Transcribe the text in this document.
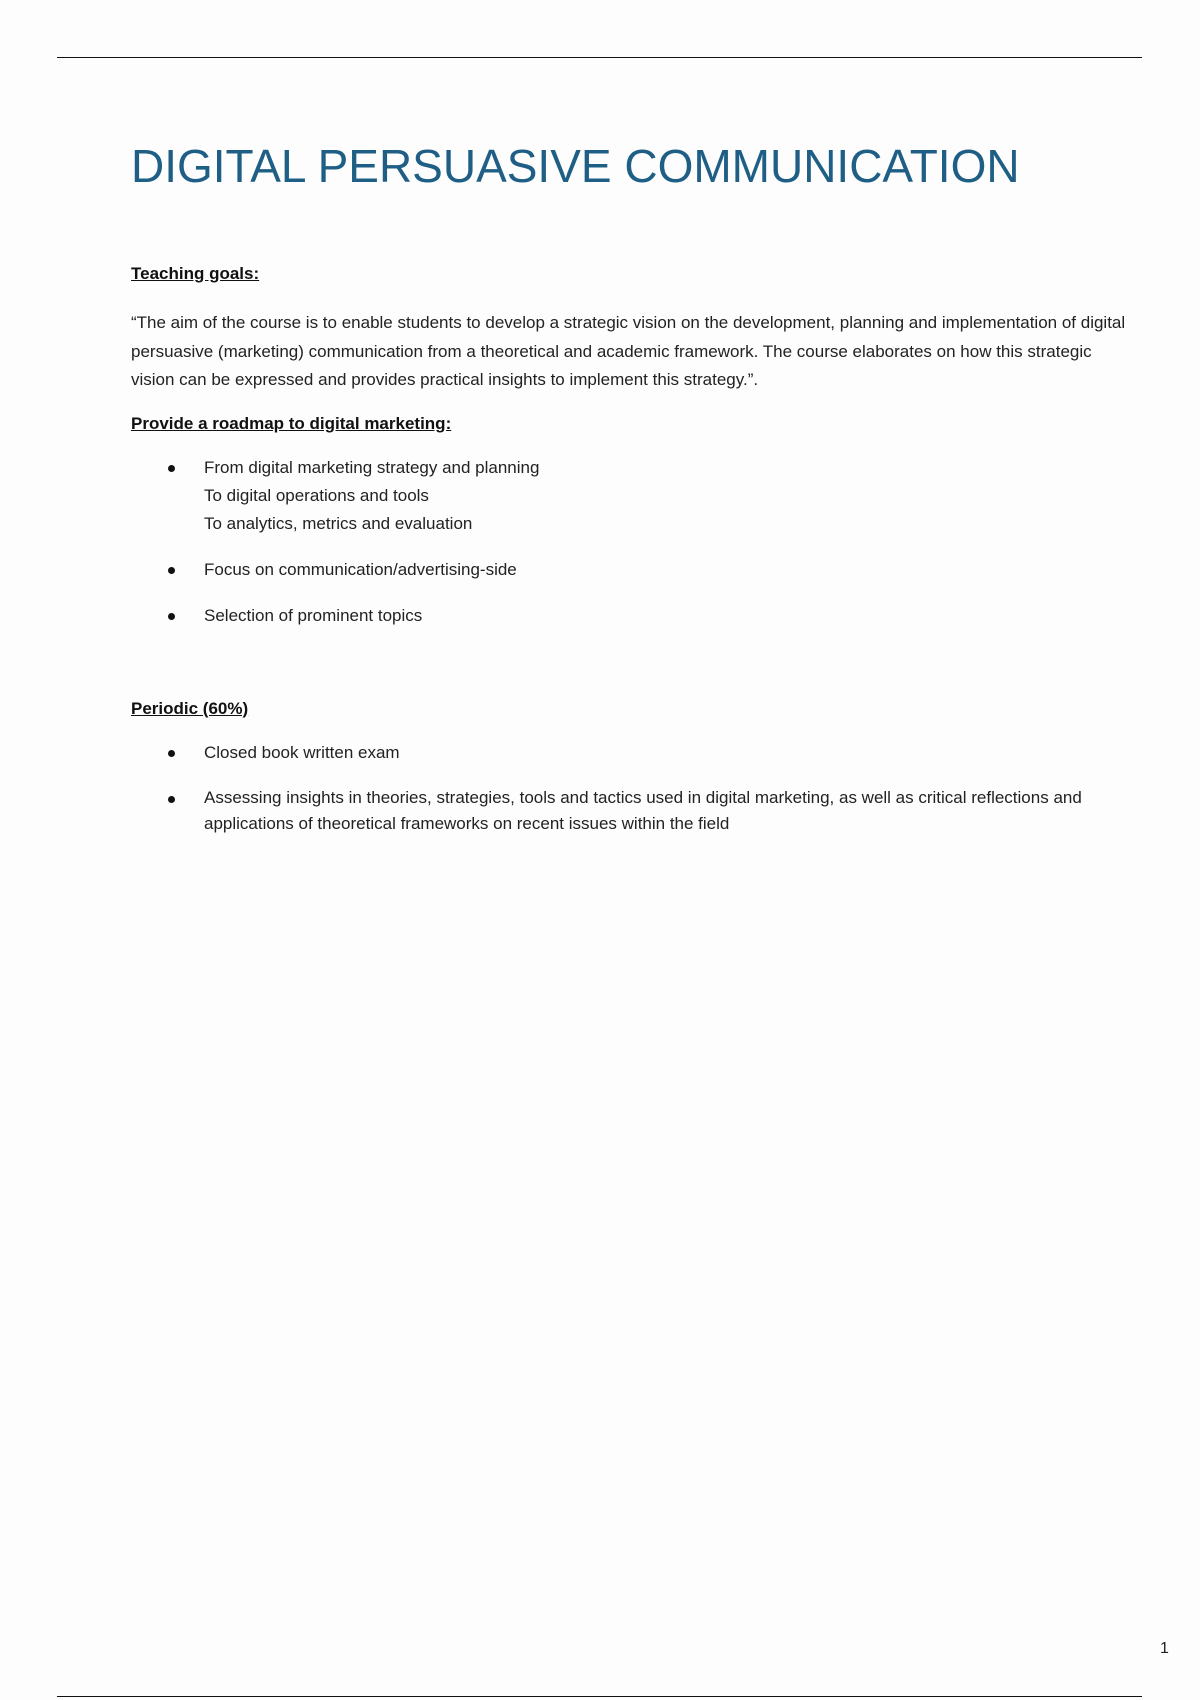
DIGITAL PERSUASIVE COMMUNICATION

Teaching goals:

“The aim of the course is to enable students to develop a strategic vision on the development, planning and implementation of digital persuasive (marketing) communication from a theoretical and academic framework. The course elaborates on how this strategic vision can be expressed and provides practical insights to implement this strategy.”.

Provide a roadmap to digital marketing:

From digital marketing strategy and planning
To digital operations and tools
To analytics, metrics and evaluation
Focus on communication/advertising-side
Selection of prominent topics

Periodic (60%)

Closed book written exam
Assessing insights in theories, strategies, tools and tactics used in digital marketing, as well as critical reflections and applications of theoretical frameworks on recent issues within the field
1
